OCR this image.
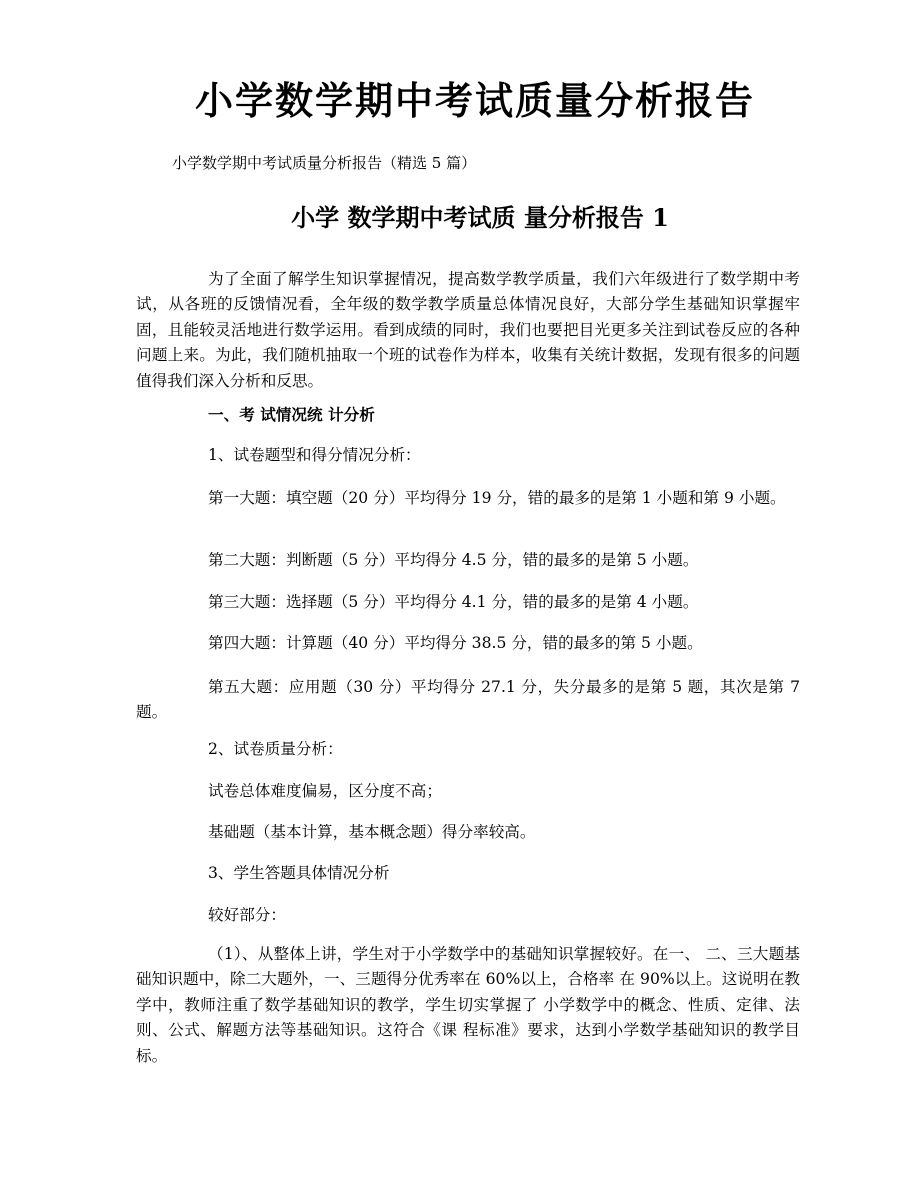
小学数学期中考试质量分析报告

小学数学期中考试质量分析报告（精选 5 篇）

小学 数学期中考试质 量分析报告 1

为了全面了解学生知识掌握情况，提高数学教学质量，我们六年级进行了数学期中考试，从各班的反馈情况看，全年级的数学教学质量总体情况良好，大部分学生基础知识掌握牢固，且能较灵活地进行数学运用。看到成绩的同时，我们也要把目光更多关注到试卷反应的各种问题上来。为此，我们随机抽取一个班的试卷作为样本，收集有关统计数据，发现有很多的问题值得我们深入分析和反思。

一、考 试情况统 计分析

1、试卷题型和得分情况分析：

第一大题：填空题（20 分）平均得分 19 分，错的最多的是第 1 小题和第 9 小题。

第二大题：判断题（5 分）平均得分 4.5 分，错的最多的是第 5 小题。

第三大题：选择题（5 分）平均得分 4.1 分，错的最多的是第 4 小题。

第四大题：计算题（40 分）平均得分 38.5 分，错的最多的第 5 小题。

第五大题：应用题（30 分）平均得分 27.1 分，失分最多的是第 5 题，其次是第 7 题。

2、试卷质量分析：

试卷总体难度偏易，区分度不高；

基础题（基本计算，基本概念题）得分率较高。

3、学生答题具体情况分析

较好部分：

（1）、从整体上讲，学生对于小学数学中的基础知识掌握较好。在一、 二、三大题基础知识题中，除二大题外，一、三题得分优秀率在 60%以上，合格率 在 90%以上。这说明在教学中，教师注重了数学基础知识的教学，学生切实掌握了 小学数学中的概念、性质、定律、法则、公式、解题方法等基础知识。这符合《课 程标准》要求，达到小学数学基础知识的教学目标。
